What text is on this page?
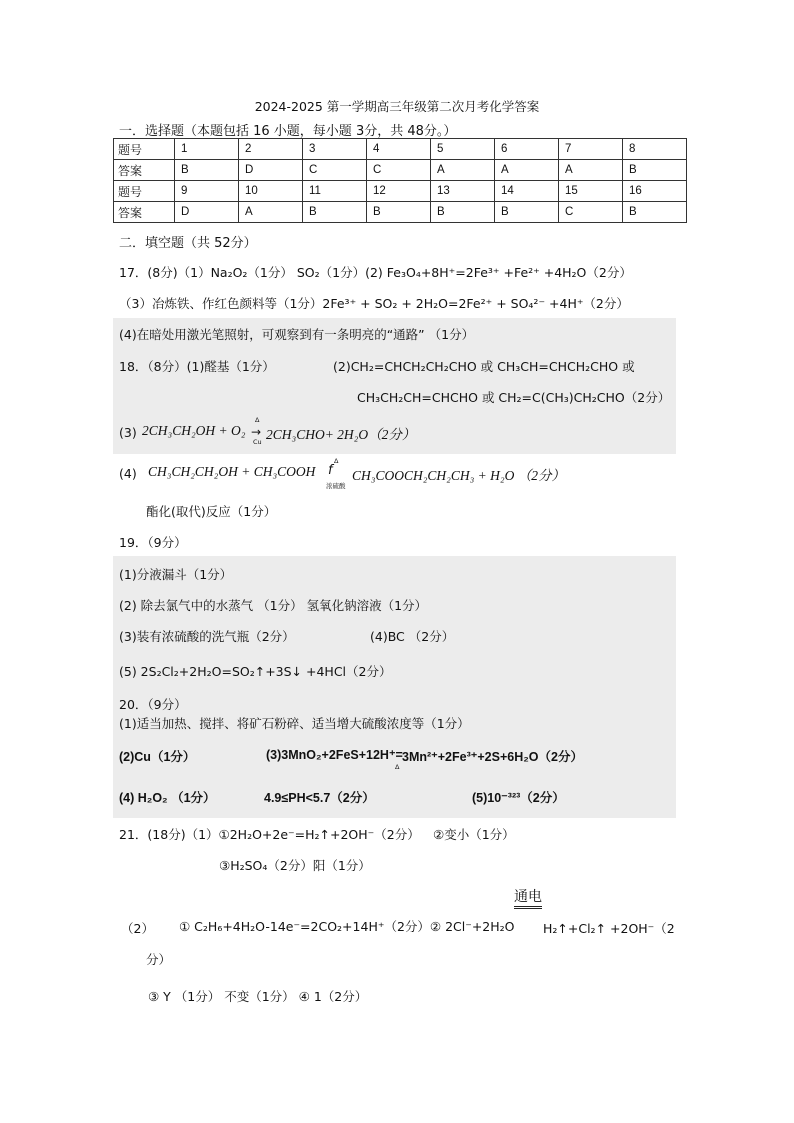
2024-2025 第一学期高三年级第二次月考化学答案
一．选择题（本题包括 16 小题，每小题 3分，共 48分。）
题号	1	2	3	4	5	6	7	8
答案	B	D	C	C	A	A	A	B
题号	9	10	11	12	13	14	15	16
答案	D	A	B	B	B	B	C	B
二．填空题（共 52分）
17．(8分)（1）Na₂O₂（1分） SO₂（1分）(2) Fe₃O₄+8H⁺=2Fe³⁺ +Fe²⁺ +4H₂O（2分）
（3）冶炼铁、作红色颜料等（1分）2Fe³⁺ + SO₂ + 2H₂O=2Fe²⁺ + SO₄²⁻ +4H⁺（2分）
(4)在暗处用激光笔照射，可观察到有一条明亮的“通路” （1分）
18．（8分）(1)醛基（1分）	(2)CH₂=CHCH₂CH₂CHO 或 CH₃CH=CHCH₂CHO 或
CH₃CH₂CH=CHCHO 或 CH₂=C(CH₃)CH₂CHO（2分）
(3) 2CH₃CH₂OH + O₂ →
Δ
Cu 2CH₃CHO+ 2H₂O（2分）
(4) CH₃CH₂CH₂OH + CH₃COOH f
Δ
浓硫酸
CH₃COOCH₂CH₂CH₃ + H₂O （2分）
酯化(取代)反应（1分）
19．（9分）
(1)分液漏斗（1分）
(2) 除去氯气中的水蒸气 （1分） 氢氧化钠溶液（1分）
(3)装有浓硫酸的洗气瓶（2分）	(4)BC （2分）
(5) 2S₂Cl₂+2H₂O=SO₂↑+3S↓ +4HCl（2分）
20．（9分）
(1)适当加热、搅拌、将矿石粉碎、适当增大硫酸浓度等（1分）
(2)Cu（1分）	(3)3MnO₂+2FeS+12H⁺=
Δ
3Mn²⁺+2Fe³⁺+2S+6H₂O（2分）
(4) H₂O₂ （1分）	4.9≤PH<5.7（2分）	(5)10⁻³²³（2分）
21．(18分)（1）①2H₂O+2e⁻=H₂↑+2OH⁻（2分） ②变小（1分）
③H₂SO₄（2分）阳（1分）
通电
（2） ① C₂H₆+4H₂O-14e⁻=2CO₂+14H⁺（2分）② 2Cl⁻+2H₂O H₂↑+Cl₂↑ +2OH⁻（2
分）
③ Y （1分） 不变（1分） ④ 1（2分）
